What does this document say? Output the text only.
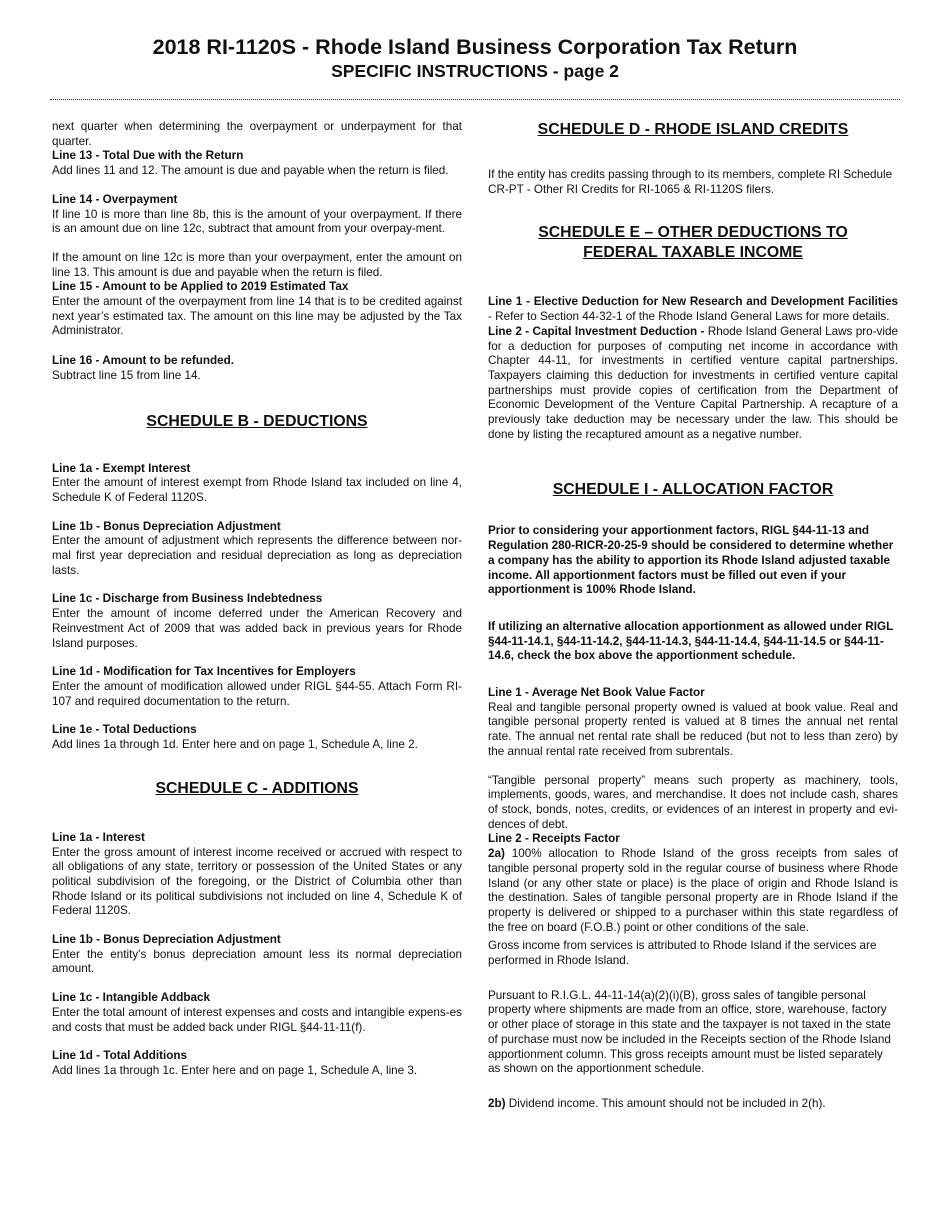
2018 RI-1120S - Rhode Island Business Corporation Tax Return
SPECIFIC INSTRUCTIONS - page 2

next quarter when determining the overpayment or underpayment for that quarter.

Line 13 - Total Due with the Return

Add lines 11 and 12. The amount is due and payable when the return is filed.

Line 14 - Overpayment

If line 10 is more than line 8b, this is the amount of your overpayment. If there is an amount due on line 12c, subtract that amount from your overpay-ment.

If the amount on line 12c is more than your overpayment, enter the amount on line 13. This amount is due and payable when the return is filed.

Line 15 - Amount to be Applied to 2019 Estimated Tax

Enter the amount of the overpayment from line 14 that is to be credited against next year’s estimated tax. The amount on this line may be adjusted by the Tax Administrator.

Line 16 - Amount to be refunded.

Subtract line 15 from line 14.

SCHEDULE B - DEDUCTIONS

Line 1a - Exempt Interest

Enter the amount of interest exempt from Rhode Island tax included on line 4, Schedule K of Federal 1120S.

Line 1b - Bonus Depreciation Adjustment

Enter the amount of adjustment which represents the difference between nor-mal first year depreciation and residual depreciation as long as depreciation lasts.

Line 1c - Discharge from Business Indebtedness

Enter the amount of income deferred under the American Recovery and Reinvestment Act of 2009 that was added back in previous years for Rhode Island purposes.

Line 1d - Modification for Tax Incentives for Employers

Enter the amount of modification allowed under RIGL §44-55. Attach Form RI-107 and required documentation to the return.

Line 1e - Total Deductions

Add lines 1a through 1d. Enter here and on page 1, Schedule A, line 2.

SCHEDULE C - ADDITIONS

Line 1a - Interest

Enter the gross amount of interest income received or accrued with respect to all obligations of any state, territory or possession of the United States or any political subdivision of the foregoing, or the District of Columbia other than Rhode Island or its political subdivisions not included on line 4, Schedule K of Federal 1120S.

Line 1b - Bonus Depreciation Adjustment

Enter the entity’s bonus depreciation amount less its normal depreciation amount.

Line 1c - Intangible Addback

Enter the total amount of interest expenses and costs and intangible expens-es and costs that must be added back under RIGL §44-11-11(f).

Line 1d - Total Additions

Add lines 1a through 1c. Enter here and on page 1, Schedule A, line 3.

SCHEDULE D - RHODE ISLAND CREDITS

If the entity has credits passing through to its members, complete RI Schedule CR-PT - Other RI Credits for RI-1065 & RI-1120S filers.

SCHEDULE E – OTHER DEDUCTIONS TO FEDERAL TAXABLE INCOME

Line 1 - Elective Deduction for New Research and Development Facilities - Refer to Section 44-32-1 of the Rhode Island General Laws for more details.

Line 2 - Capital Investment Deduction - Rhode Island General Laws pro-vide for a deduction for purposes of computing net income in accordance with Chapter 44-11, for investments in certified venture capital partnerships. Taxpayers claiming this deduction for investments in certified venture capital partnerships must provide copies of certification from the Department of Economic Development of the Venture Capital Partnership. A recapture of a previously take deduction may be necessary under the law. This should be done by listing the recaptured amount as a negative number.

SCHEDULE I - ALLOCATION FACTOR

Prior to considering your apportionment factors, RIGL §44-11-13 and Regulation 280-RICR-20-25-9 should be considered to determine whether a company has the ability to apportion its Rhode Island adjusted taxable income. All apportionment factors must be filled out even if your apportionment is 100% Rhode Island.

If utilizing an alternative allocation apportionment as allowed under RIGL §44-11-14.1, §44-11-14.2, §44-11-14.3, §44-11-14.4, §44-11-14.5 or §44-11-14.6, check the box above the apportionment schedule.

Line 1 - Average Net Book Value Factor

Real and tangible personal property owned is valued at book value. Real and tangible personal property rented is valued at 8 times the annual net rental rate. The annual net rental rate shall be reduced (but not to less than zero) by the annual rental rate received from subrentals.

“Tangible personal property” means such property as machinery, tools, implements, goods, wares, and merchandise. It does not include cash, shares of stock, bonds, notes, credits, or evidences of an interest in property and evi-dences of debt.

Line 2 - Receipts Factor

2a) 100% allocation to Rhode Island of the gross receipts from sales of tangible personal property sold in the regular course of business where Rhode Island (or any other state or place) is the place of origin and Rhode Island is the destination. Sales of tangible personal property are in Rhode Island if the property is delivered or shipped to a purchaser within this state regardless of the free on board (F.O.B.) point or other conditions of the sale.

Gross income from services is attributed to Rhode Island if the services are performed in Rhode Island.

Pursuant to R.I.G.L. 44-11-14(a)(2)(i)(B), gross sales of tangible personal property where shipments are made from an office, store, warehouse, factory or other place of storage in this state and the taxpayer is not taxed in the state of purchase must now be included in the Receipts section of the Rhode Island apportionment column. This gross receipts amount must be listed separately as shown on the apportionment schedule.

2b) Dividend income. This amount should not be included in 2(h).
